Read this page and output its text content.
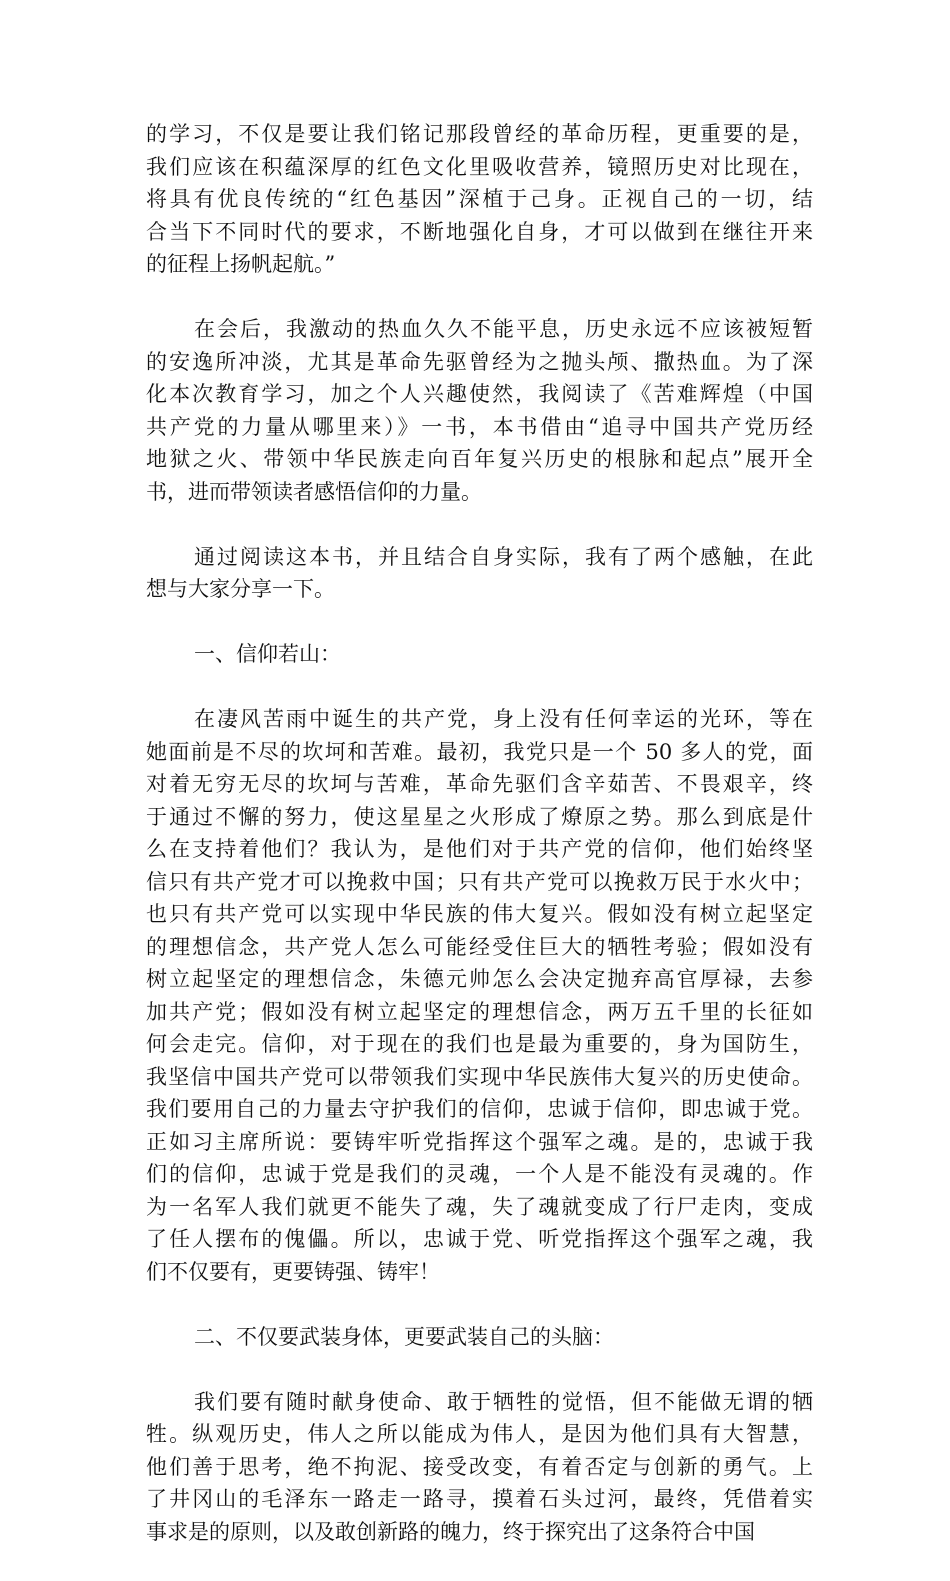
的学习，不仅是要让我们铭记那段曾经的革命历程，更重要的是，
我们应该在积蕴深厚的红色文化里吸收营养，镜照历史对比现在，
将具有优良传统的“红色基因”深植于己身。正视自己的一切，结
合当下不同时代的要求，不断地强化自身，才可以做到在继往开来
的征程上扬帆起航。”
在会后，我激动的热血久久不能平息，历史永远不应该被短暂
的安逸所冲淡，尤其是革命先驱曾经为之抛头颅、撒热血。为了深
化本次教育学习，加之个人兴趣使然，我阅读了《苦难辉煌（中国
共产党的力量从哪里来）》一书，本书借由“追寻中国共产党历经
地狱之火、带领中华民族走向百年复兴历史的根脉和起点”展开全
书，进而带领读者感悟信仰的力量。
通过阅读这本书，并且结合自身实际，我有了两个感触，在此
想与大家分享一下。
一、信仰若山：
在凄风苦雨中诞生的共产党，身上没有任何幸运的光环，等在
她面前是不尽的坎坷和苦难。最初，我党只是一个 50 多人的党，面
对着无穷无尽的坎坷与苦难，革命先驱们含辛茹苦、不畏艰辛，终
于通过不懈的努力，使这星星之火形成了燎原之势。那么到底是什
么在支持着他们？我认为，是他们对于共产党的信仰，他们始终坚
信只有共产党才可以挽救中国；只有共产党可以挽救万民于水火中；
也只有共产党可以实现中华民族的伟大复兴。假如没有树立起坚定
的理想信念，共产党人怎么可能经受住巨大的牺牲考验；假如没有
树立起坚定的理想信念，朱德元帅怎么会决定抛弃高官厚禄，去参
加共产党；假如没有树立起坚定的理想信念，两万五千里的长征如
何会走完。信仰，对于现在的我们也是最为重要的，身为国防生，
我坚信中国共产党可以带领我们实现中华民族伟大复兴的历史使命。
我们要用自己的力量去守护我们的信仰，忠诚于信仰，即忠诚于党。
正如习主席所说：要铸牢听党指挥这个强军之魂。是的，忠诚于我
们的信仰，忠诚于党是我们的灵魂，一个人是不能没有灵魂的。作
为一名军人我们就更不能失了魂，失了魂就变成了行尸走肉，变成
了任人摆布的傀儡。所以，忠诚于党、听党指挥这个强军之魂，我
们不仅要有，更要铸强、铸牢！
二、不仅要武装身体，更要武装自己的头脑：
我们要有随时献身使命、敢于牺牲的觉悟，但不能做无谓的牺
牲。纵观历史，伟人之所以能成为伟人，是因为他们具有大智慧，
他们善于思考，绝不拘泥、接受改变，有着否定与创新的勇气。上
了井冈山的毛泽东一路走一路寻，摸着石头过河，最终，凭借着实
事求是的原则，以及敢创新路的魄力，终于探究出了这条符合中国
